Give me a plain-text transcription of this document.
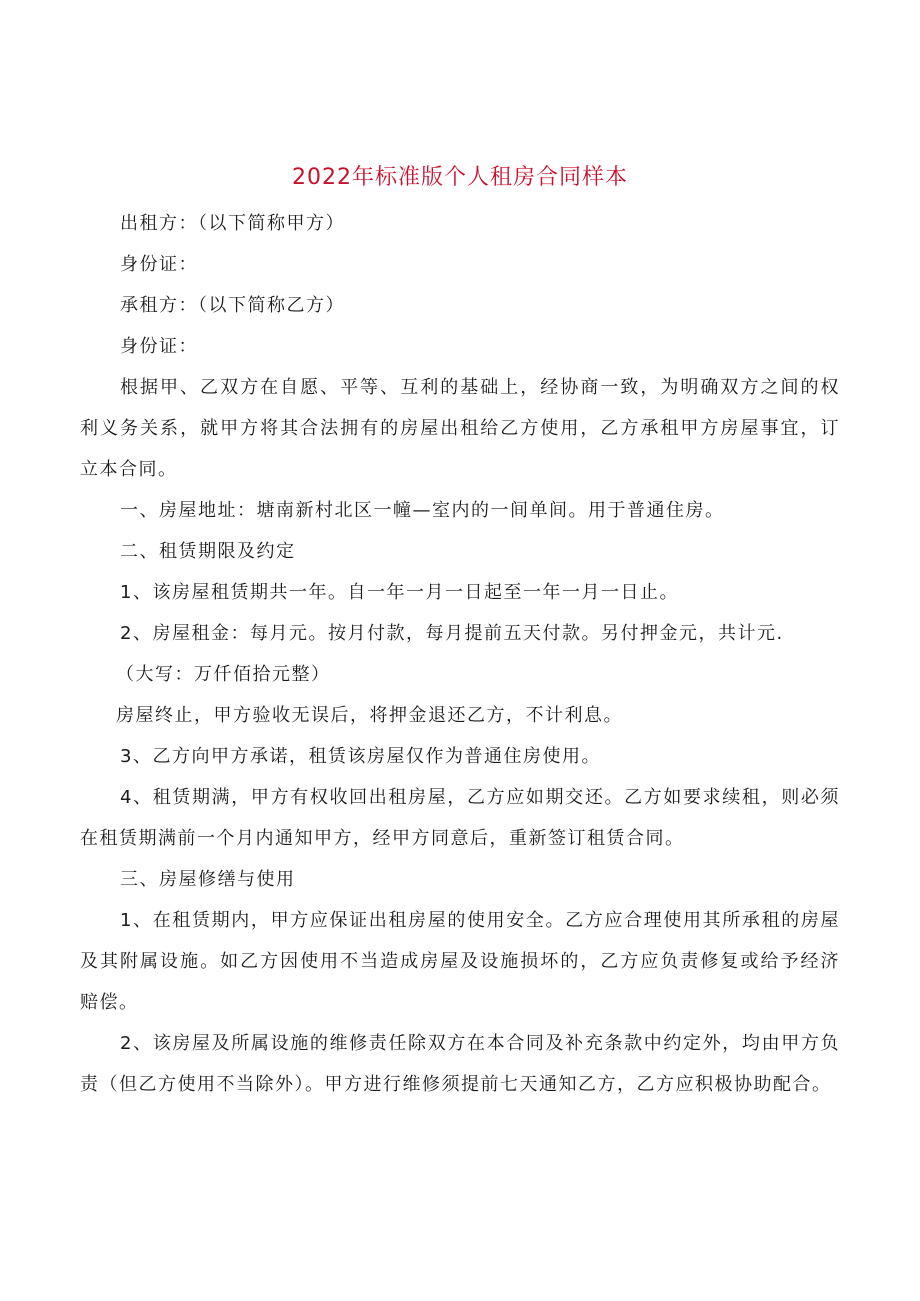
2022年标准版个人租房合同样本

出租方：（以下简称甲方）

身份证：

承租方：（以下简称乙方）

身份证：

根据甲、乙双方在自愿、平等、互利的基础上，经协商一致，为明确双方之间的权利义务关系，就甲方将其合法拥有的房屋出租给乙方使用，乙方承租甲方房屋事宜，订立本合同。

一、房屋地址：塘南新村北区一幢—室内的一间单间。用于普通住房。

二、租赁期限及约定

1、该房屋租赁期共一年。自一年一月一日起至一年一月一日止。

2、房屋租金：每月元。按月付款，每月提前五天付款。另付押金元，共计元.

（大写：万仟佰拾元整）

房屋终止，甲方验收无误后，将押金退还乙方，不计利息。

3、乙方向甲方承诺，租赁该房屋仅作为普通住房使用。

4、租赁期满，甲方有权收回出租房屋，乙方应如期交还。乙方如要求续租，则必须在租赁期满前一个月内通知甲方，经甲方同意后，重新签订租赁合同。

三、房屋修缮与使用

1、在租赁期内，甲方应保证出租房屋的使用安全。乙方应合理使用其所承租的房屋及其附属设施。如乙方因使用不当造成房屋及设施损坏的，乙方应负责修复或给予经济赔偿。

2、该房屋及所属设施的维修责任除双方在本合同及补充条款中约定外，均由甲方负责（但乙方使用不当除外）。甲方进行维修须提前七天通知乙方，乙方应积极协助配合。
